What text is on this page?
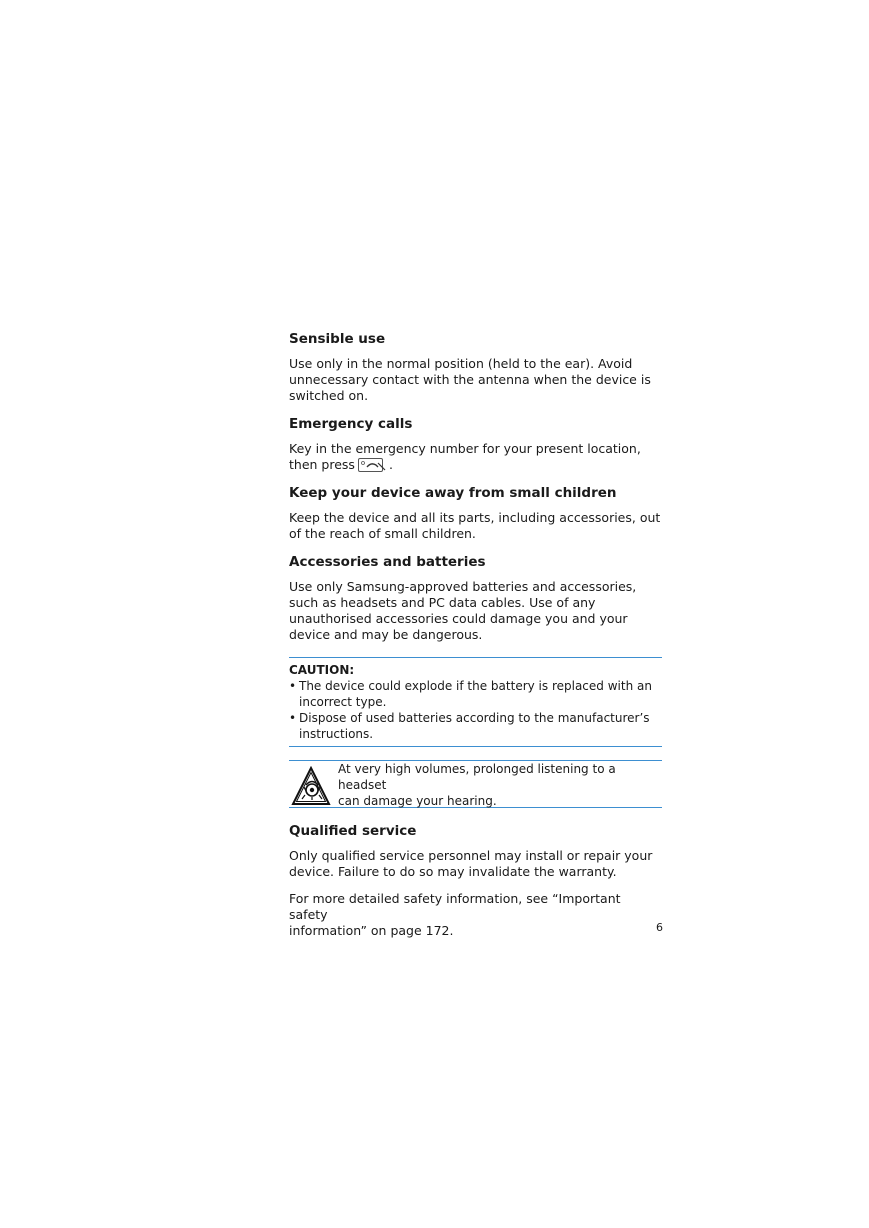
Sensible use
Use only in the normal position (held to the ear). Avoid
unnecessary contact with the antenna when the device is
switched on.
Emergency calls
Key in the emergency number for your present location,
then press	.
Keep your device away from small children
Keep the device and all its parts, including accessories, out
of the reach of small children.
Accessories and batteries
Use only Samsung-approved batteries and accessories,
such as headsets and PC data cables. Use of any
unauthorised accessories could damage you and your
device and may be dangerous.
CAUTION:
• The device could explode if the battery is replaced with an
incorrect type.
• Dispose of used batteries according to the manufacturer’s
instructions.
At very high volumes, prolonged listening to a headset
can damage your hearing.
Qualified service
Only qualified service personnel may install or repair your
device. Failure to do so may invalidate the warranty.
For more detailed safety information, see “Important safety
information” on page 172.	6
